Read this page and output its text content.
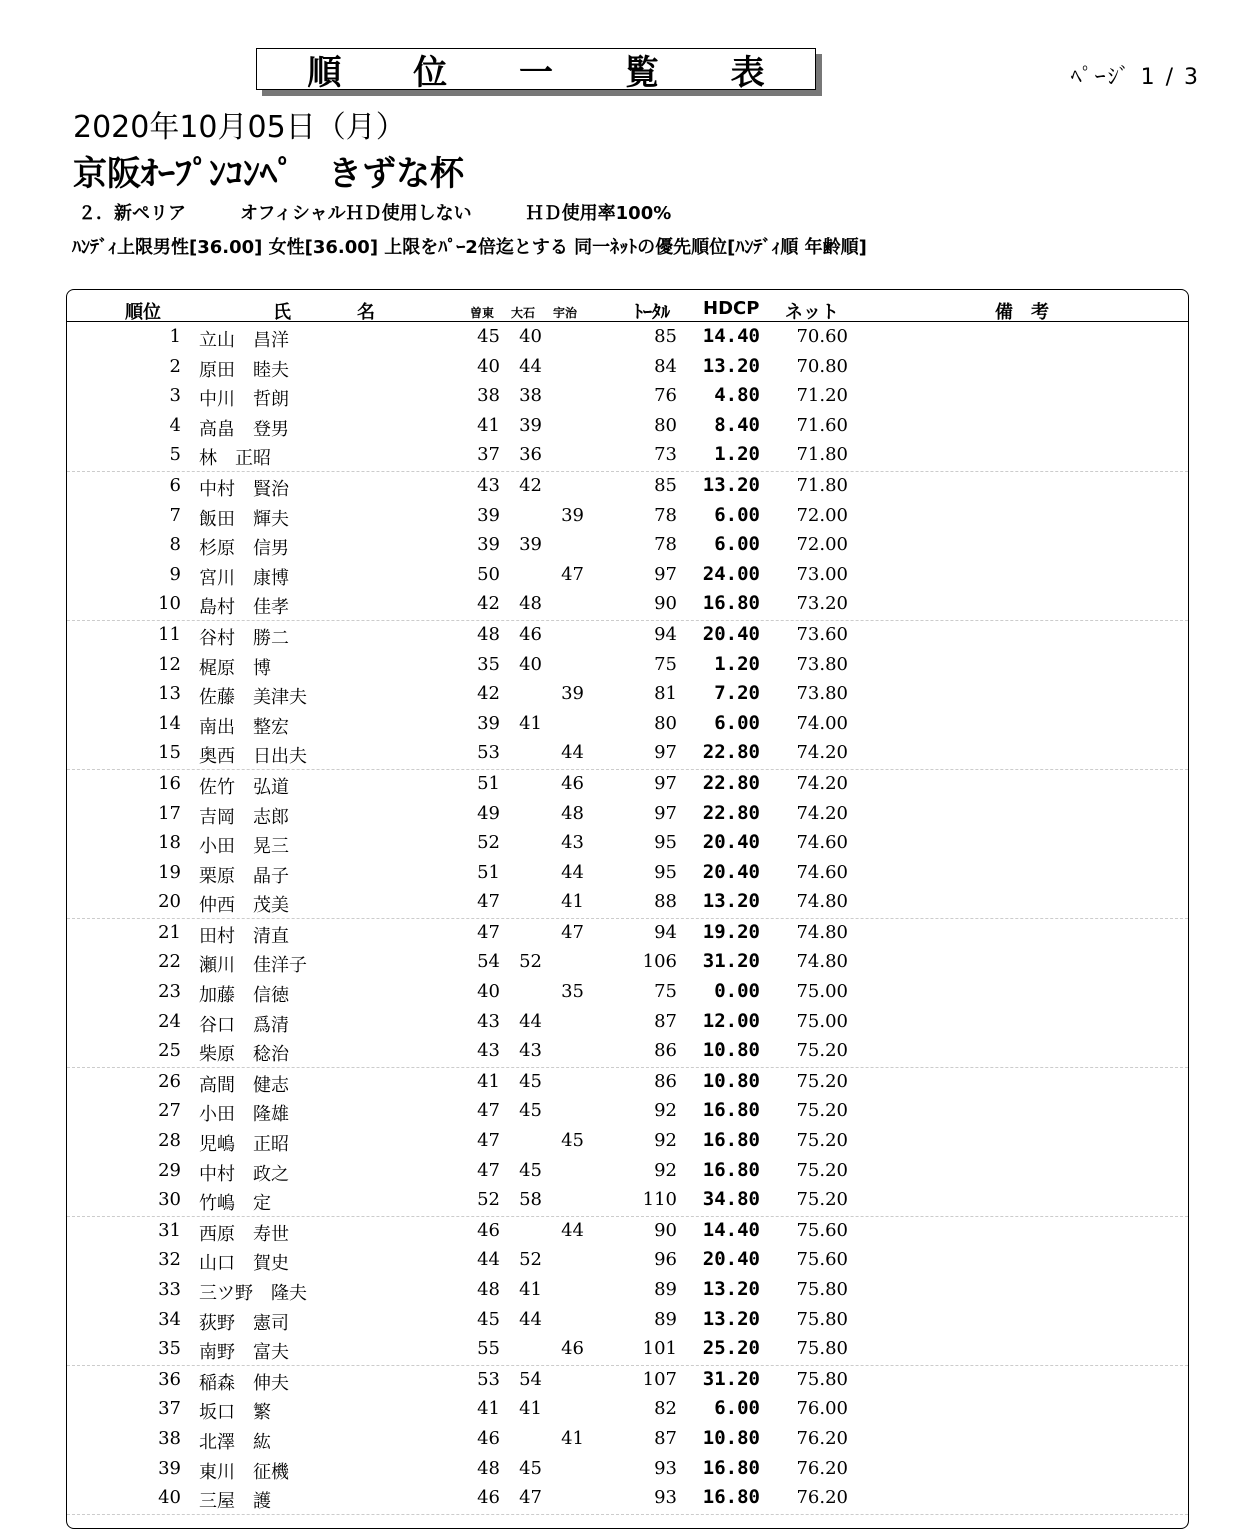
順 位 一 覧 表	ﾍﾟｰｼﾞ 1 / 3
2020年10月05日（月）
京阪ｵｰﾌﾟﾝｺﾝﾍﾟ　きずな杯
２．新ペリア　　　オフィシャルＨＤ使用しない　　　ＨＤ使用率100%
ﾊﾝﾃﾞｨ上限男性[36.00] 女性[36.00] 上限をﾊﾟｰ2倍迄とする 同一ﾈｯﾄの優先順位[ﾊﾝﾃﾞｨ順 年齢順]
順位	氏	名	曽東 大石 宇治	ﾄｰﾀﾙ HDCP ネット	備　考
1 立山　昌洋	45 40	85	14.40	70.60
2 原田　睦夫	40 44	84	13.20	70.80
3 中川　哲朗	38 38	76	4.80	71.20
4 高畠　登男	41 39	80	8.40	71.60
5 林　正昭	37 36	73	1.20	71.80
6 中村　賢治	43 42	85	13.20	71.80
7 飯田　輝夫	39	39	78	6.00	72.00
8 杉原　信男	39 39	78	6.00	72.00
9 宮川　康博	50	47	97	24.00	73.00
10 島村　佳孝	42 48	90	16.80	73.20
11 谷村　勝二	48 46	94	20.40	73.60
12 梶原　博	35 40	75	1.20	73.80
13 佐藤　美津夫	42	39	81	7.20	73.80
14 南出　整宏	39 41	80	6.00	74.00
15 奥西　日出夫	53	44	97	22.80	74.20
16 佐竹　弘道	51	46	97	22.80	74.20
17 吉岡　志郎	49	48	97	22.80	74.20
18 小田　晃三	52	43	95	20.40	74.60
19 栗原　晶子	51	44	95	20.40	74.60
20 仲西　茂美	47	41	88	13.20	74.80
21 田村　清直	47	47	94	19.20	74.80
22 瀬川　佳洋子	54 52	106	31.20	74.80
23 加藤　信徳	40	35	75	0.00	75.00
24 谷口　爲清	43 44	87	12.00	75.00
25 柴原　稔治	43 43	86	10.80	75.20
26 高間　健志	41 45	86	10.80	75.20
27 小田　隆雄	47 45	92	16.80	75.20
28 児嶋　正昭	47	45	92	16.80	75.20
29 中村　政之	47 45	92	16.80	75.20
30 竹嶋　定	52 58	110	34.80	75.20
31 西原　寿世	46	44	90	14.40	75.60
32 山口　賀史	44 52	96	20.40	75.60
33 三ツ野　隆夫	48 41	89	13.20	75.80
34 荻野　憲司	45 44	89	13.20	75.80
35 南野　富夫	55	46	101	25.20	75.80
36 稲森　伸夫	53 54	107	31.20	75.80
37 坂口　繁	41 41	82	6.00	76.00
38 北澤　紘	46	41	87	10.80	76.20
39 東川　征機	48 45	93	16.80	76.20
40 三屋　護	46 47	93	16.80	76.20
